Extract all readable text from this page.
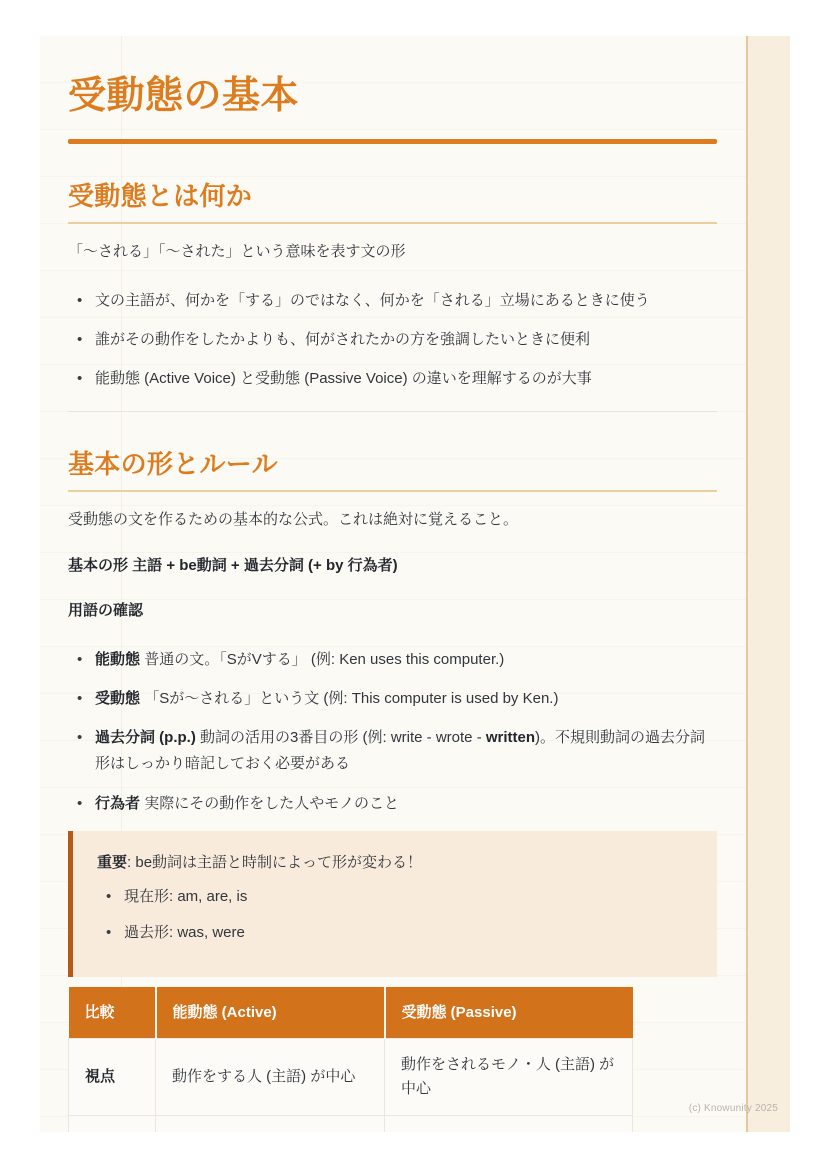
受動態の基本
受動態とは何か

「〜される」「〜された」という意味を表す文の形

• 文の主語が、何かを「する」のではなく、何かを「される」立場にあるときに使う
• 誰がその動作をしたかよりも、何がされたかの方を強調したいときに便利
• 能動態 (Active Voice) と受動態 (Passive Voice) の違いを理解するのが大事
基本の形とルール

受動態の文を作るための基本的な公式。これは絶対に覚えること。

基本の形 主語 + be動詞 + 過去分詞 (+ by 行為者)

用語の確認

• 能動態 普通の文。「SがVする」 (例: Ken uses this computer.)
• 受動態 「Sが〜される」という文 (例: This computer is used by Ken.)
• 過去分詞 (p.p.) 動詞の活用の3番目の形 (例: write - wrote - written)。不規則動詞の過去分詞形はしっかり暗記しておく必要がある
• 行為者 実際にその動作をした人やモノのこと
重要: be動詞は主語と時制によって形が変わる！
• 現在形: am, are, is
• 過去形: was, were
比較	能動態 (Active)	受動態 (Passive)
視点	動作をする人 (主語) が中心	動作をされるモノ・人 (主語) が中心

(c) Knowunity 2025
